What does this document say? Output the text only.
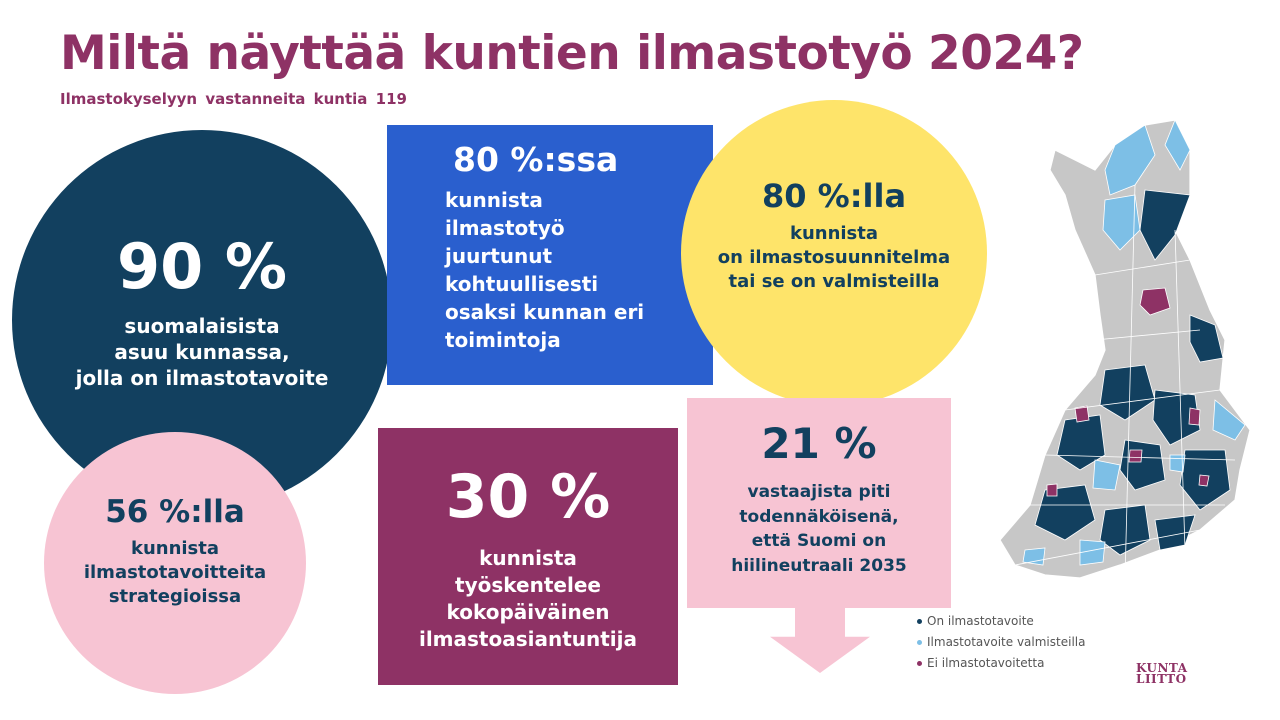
Miltä näyttää kuntien ilmastotyö 2024?

Ilmastokyselyyn vastanneita kuntia 119

90 %
suomalaisista
asuu kunnassa,
jolla on ilmastotavoite
56 %:lla
kunnista
ilmastotavoitteita
strategioissa
80 %:ssa
kunnista
ilmastotyö
juurtunut
kohtuullisesti
osaksi kunnan eri
toimintoja
80 %:lla
kunnista
on ilmastosuunnitelma
tai se on valmisteilla
30 %
kunnista
työskentelee
kokopäiväinen
ilmastoasiantuntija
21 %
vastaajista piti
todennäköisenä,
että Suomi on
hiilineutraali 2035
On ilmastotavoite
Ilmastotavoite valmisteilla
Ei ilmastotavoitetta	KUNTA
LIITTO
